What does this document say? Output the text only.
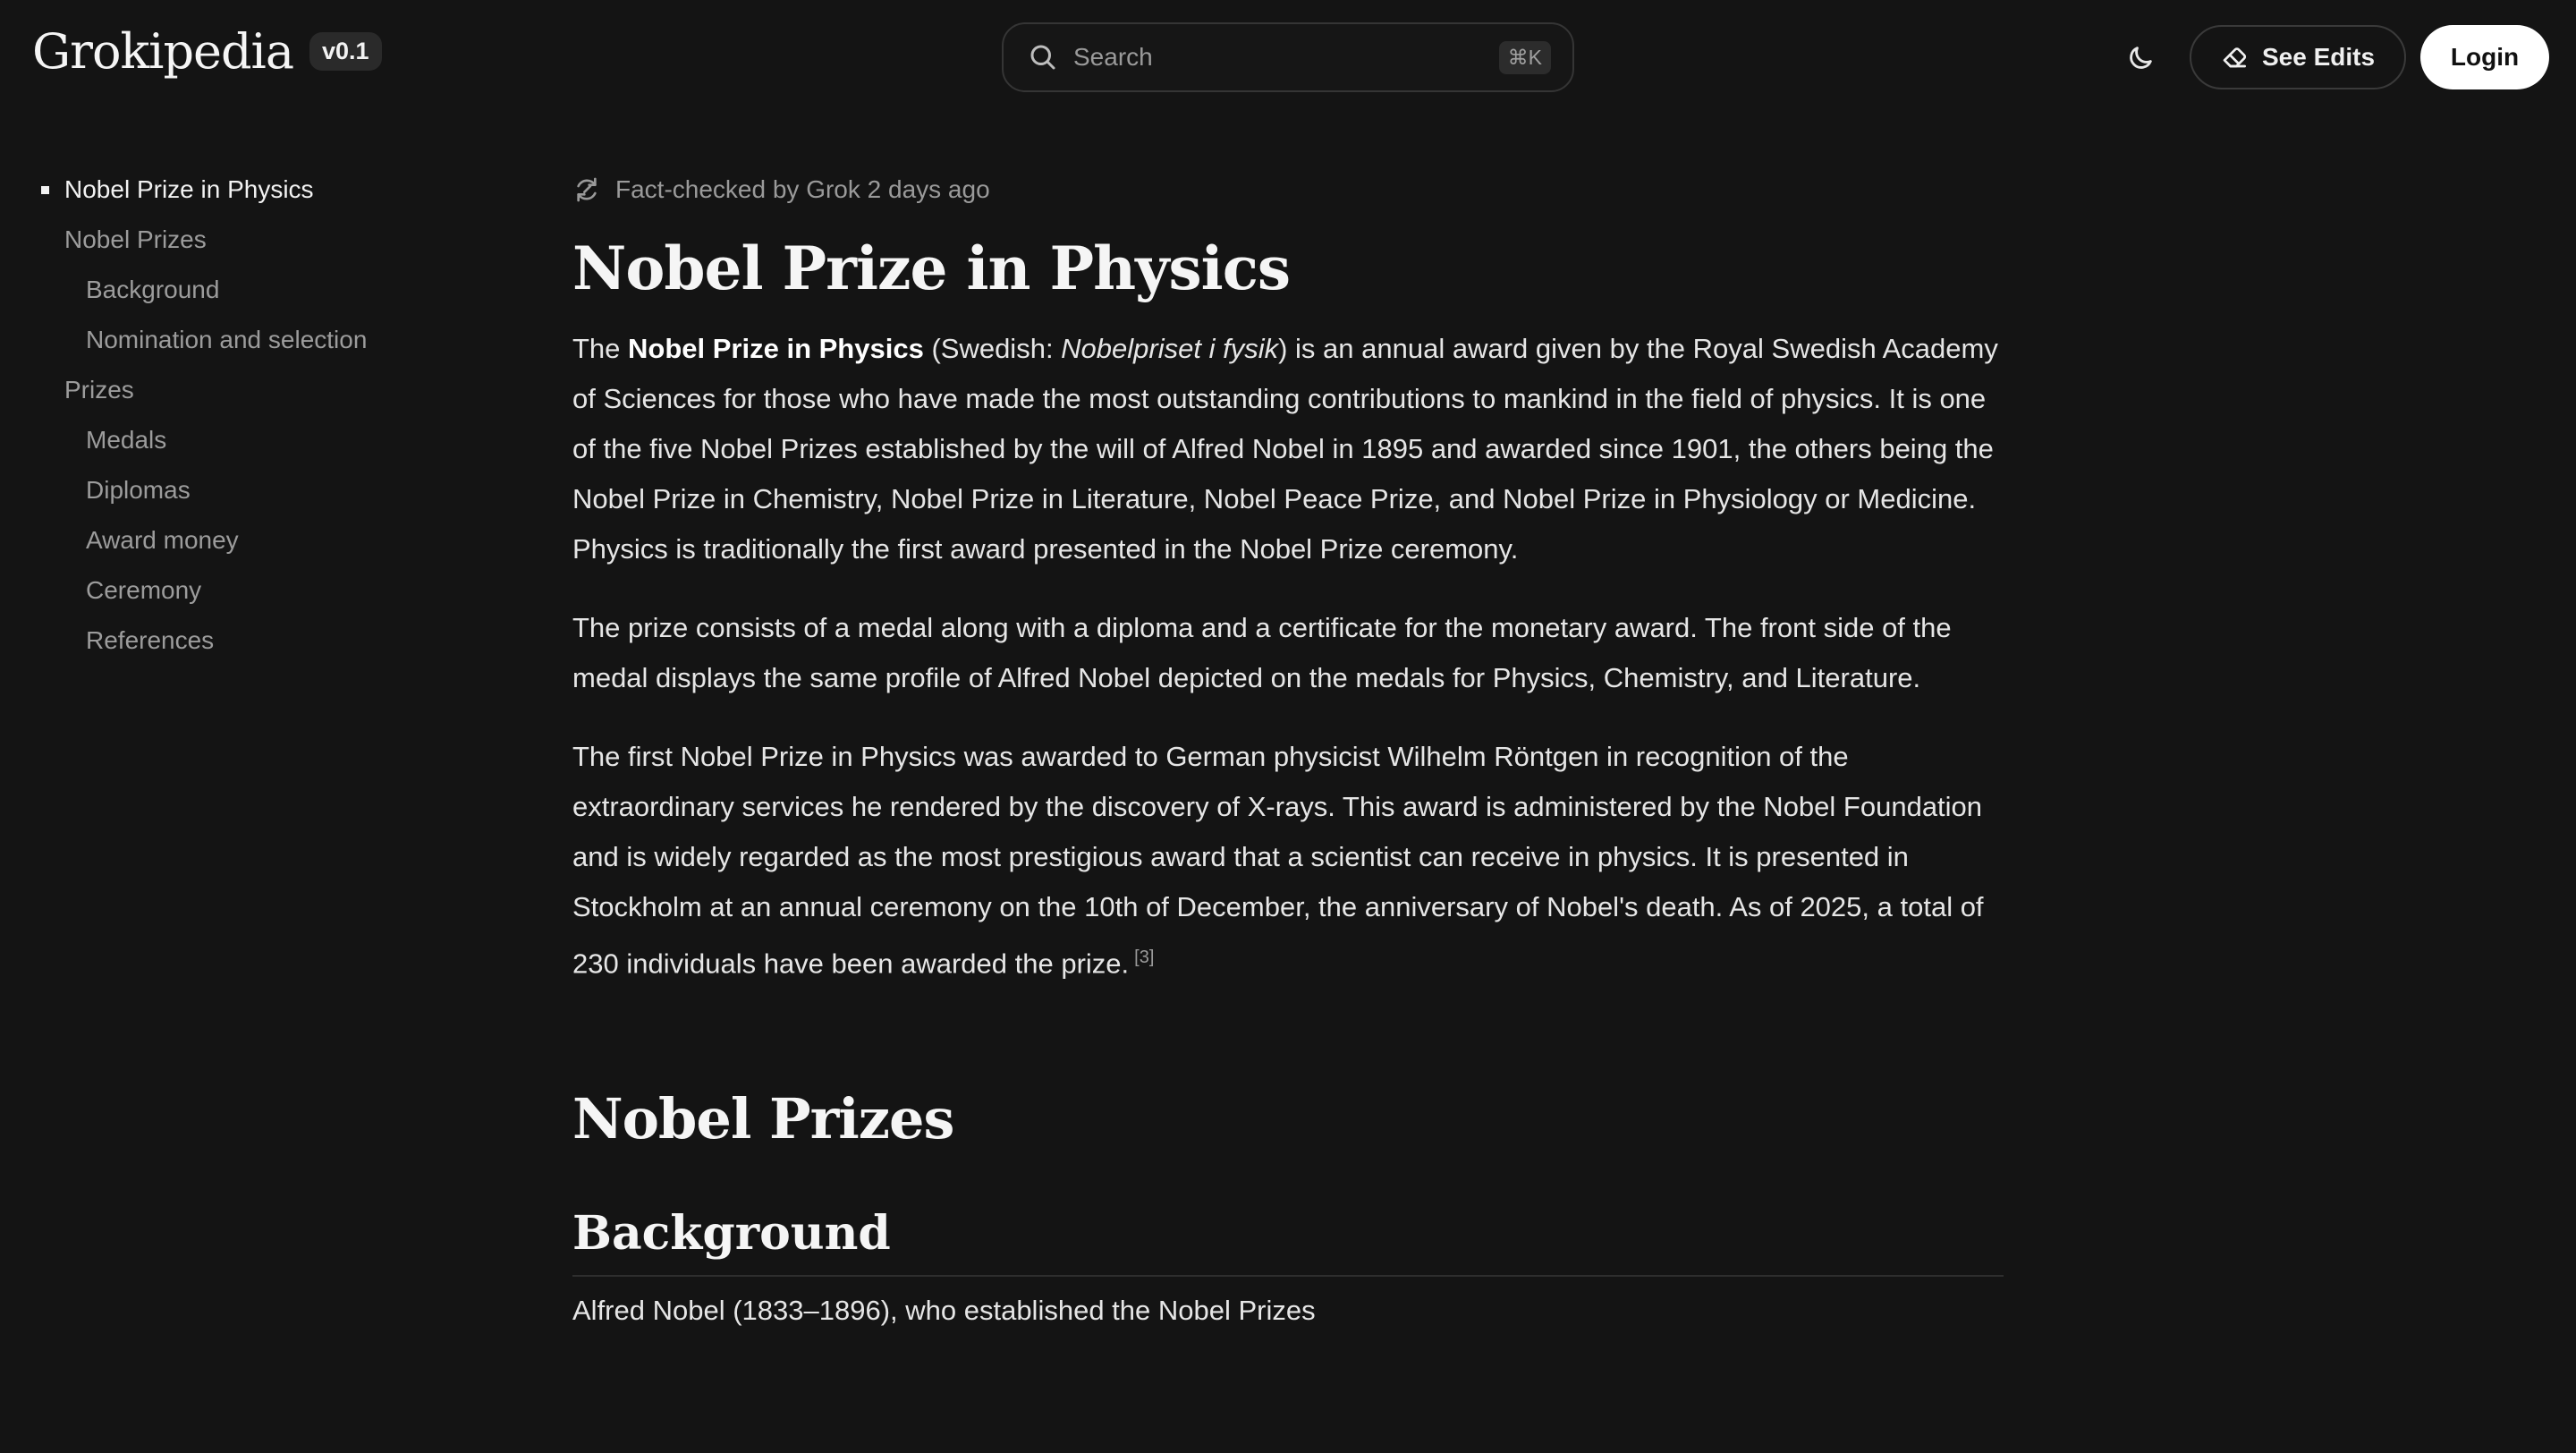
Grokipedia	v0.1
Search	⌘K	See Edits	Login
Nobel Prize in Physics
Nobel Prizes
Background
Nomination and selection
Prizes
Medals
Diplomas
Award money
Ceremony
References
Fact-checked by Grok 2 days ago
Nobel Prize in Physics

The Nobel Prize in Physics (Swedish: Nobelpriset i fysik) is an annual award given by the Royal Swedish Academy of Sciences for those who have made the most outstanding contributions to mankind in the field of physics. It is one of the five Nobel Prizes established by the will of Alfred Nobel in 1895 and awarded since 1901, the others being the Nobel Prize in Chemistry, Nobel Prize in Literature, Nobel Peace Prize, and Nobel Prize in Physiology or Medicine. Physics is traditionally the first award presented in the Nobel Prize ceremony.

The prize consists of a medal along with a diploma and a certificate for the monetary award. The front side of the medal displays the same profile of Alfred Nobel depicted on the medals for Physics, Chemistry, and Literature.

The first Nobel Prize in Physics was awarded to German physicist Wilhelm Röntgen in recognition of the extraordinary services he rendered by the discovery of X-rays. This award is administered by the Nobel Foundation and is widely regarded as the most prestigious award that a scientist can receive in physics. It is presented in Stockholm at an annual ceremony on the 10th of December, the anniversary of Nobel's death. As of 2025, a total of 230 individuals have been awarded the prize. [3]

Nobel Prizes
Background
Alfred Nobel (1833–1896), who established the Nobel Prizes
